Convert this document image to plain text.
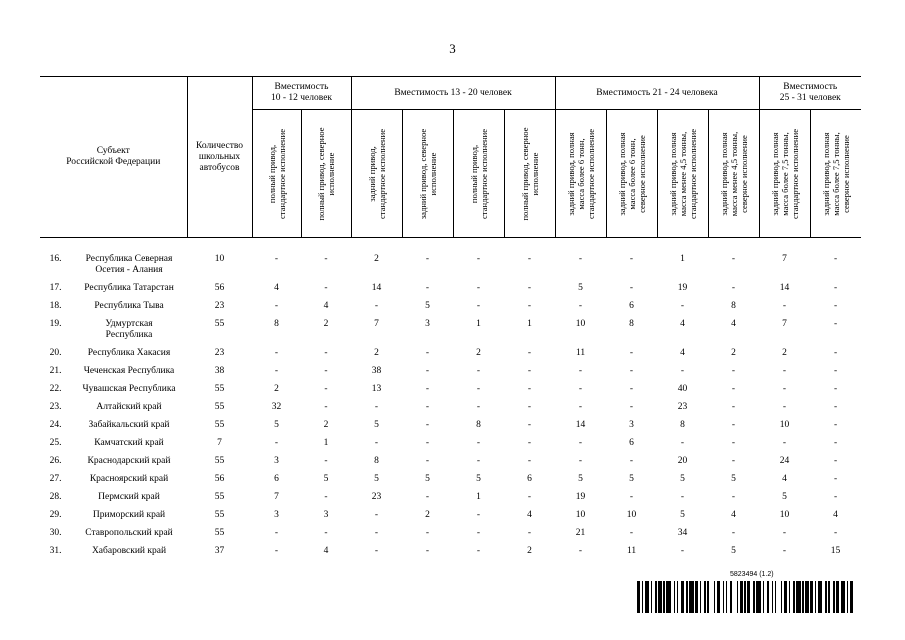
3
Субъект
Российской Федерации		Количество
школьных
автобусов	Вместимость
10 - 12 человек		Вместимость 13 - 20 человек				Вместимость 21 - 24 человека				Вместимость
25 - 31 человек	

			полный привод,
стандартное исполнение	полный привод, северное
исполнение	задний привод,
стандартное исполнение	задний привод, северное
исполнение	полный привод,
стандартное исполнение	полный привод, северное
исполнение	задний привод, полная
масса более 6 тонн,
стандартное исполнение	задний привод, полная
масса более 6 тонн,
северное исполнение	задний привод, полная
масса менее 4,5 тонны,
стандартное исполнение	задний привод, полная
масса менее 4,5 тонны,
северное исполнение	задний привод, полная
масса более 7,5 тонны,
стандартное исполнение	задний привод, полная
масса более 7,5 тонны,
северное исполнение

16.	Республика Северная
Осетия - Алания	10	-	-	2	-	-	-	-	-	1	-	7	-
17.	Республика Татарстан	56	4	-	14	-	-	-	5	-	19	-	14	-
18.	Республика Тыва	23	-	4	-	5	-	-	-	6	-	8	-	-
19.	Удмуртская
Республика	55	8	2	7	3	1	1	10	8	4	4	7	-
20.	Республика Хакасия	23	-	-	2	-	2	-	11	-	4	2	2	-
21.	Чеченская Республика	38	-	-	38	-	-	-	-	-	-	-	-	-
22.	Чувашская Республика	55	2	-	13	-	-	-	-	-	40	-	-	-
23.	Алтайский край	55	32	-	-	-	-	-	-	-	23	-	-	-
24.	Забайкальский край	55	5	2	5	-	8	-	14	3	8	-	10	-
25.	Камчатский край	7	-	1	-	-	-	-	-	6	-	-	-	-
26.	Краснодарский край	55	3	-	8	-	-	-	-	-	20	-	24	-
27.	Красноярский край	56	6	5	5	5	5	6	5	5	5	5	4	-
28.	Пермский край	55	7	-	23	-	1	-	19	-	-	-	5	-
29.	Приморский край	55	3	3	-	2	-	4	10	10	5	4	10	4
30.	Ставропольский край	55	-	-	-	-	-	-	21	-	34	-	-	-
31.	Хабаровский край	37	-	4	-	-	-	2	-	11	-	5	-	15
5823494 (1.2)
